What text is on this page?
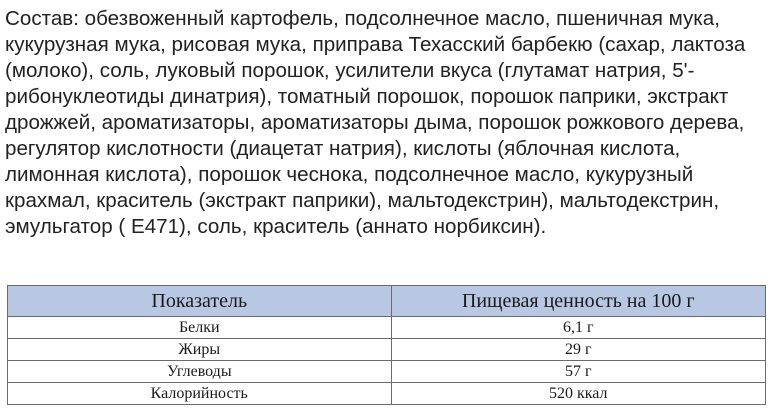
Состав: обезвоженный картофель, подсолнечное масло, пшеничная мука, кукурузная мука, рисовая мука, приправа Техасский барбекю (сахар, лактоза (молоко), соль, луковый порошок, усилители вкуса (глутамат натрия, 5'-рибонуклеотиды динатрия), томатный порошок, порошок паприки, экстракт дрожжей, ароматизаторы, ароматизаторы дыма, порошок рожкового дерева, регулятор кислотности (диацетат натрия), кислоты (яблочная кислота, лимонная кислота), порошок чеснока, подсолнечное масло, кукурузный крахмал, краситель (экстракт паприки), мальтодекстрин), мальтодекстрин, эмульгатор ( Е471), соль, краситель (аннато норбиксин).

Показатель	Пищевая ценность на 100 г
Белки	6,1 г
Жиры	29 г
Углеводы	57 г
Калорийность	520 ккал
